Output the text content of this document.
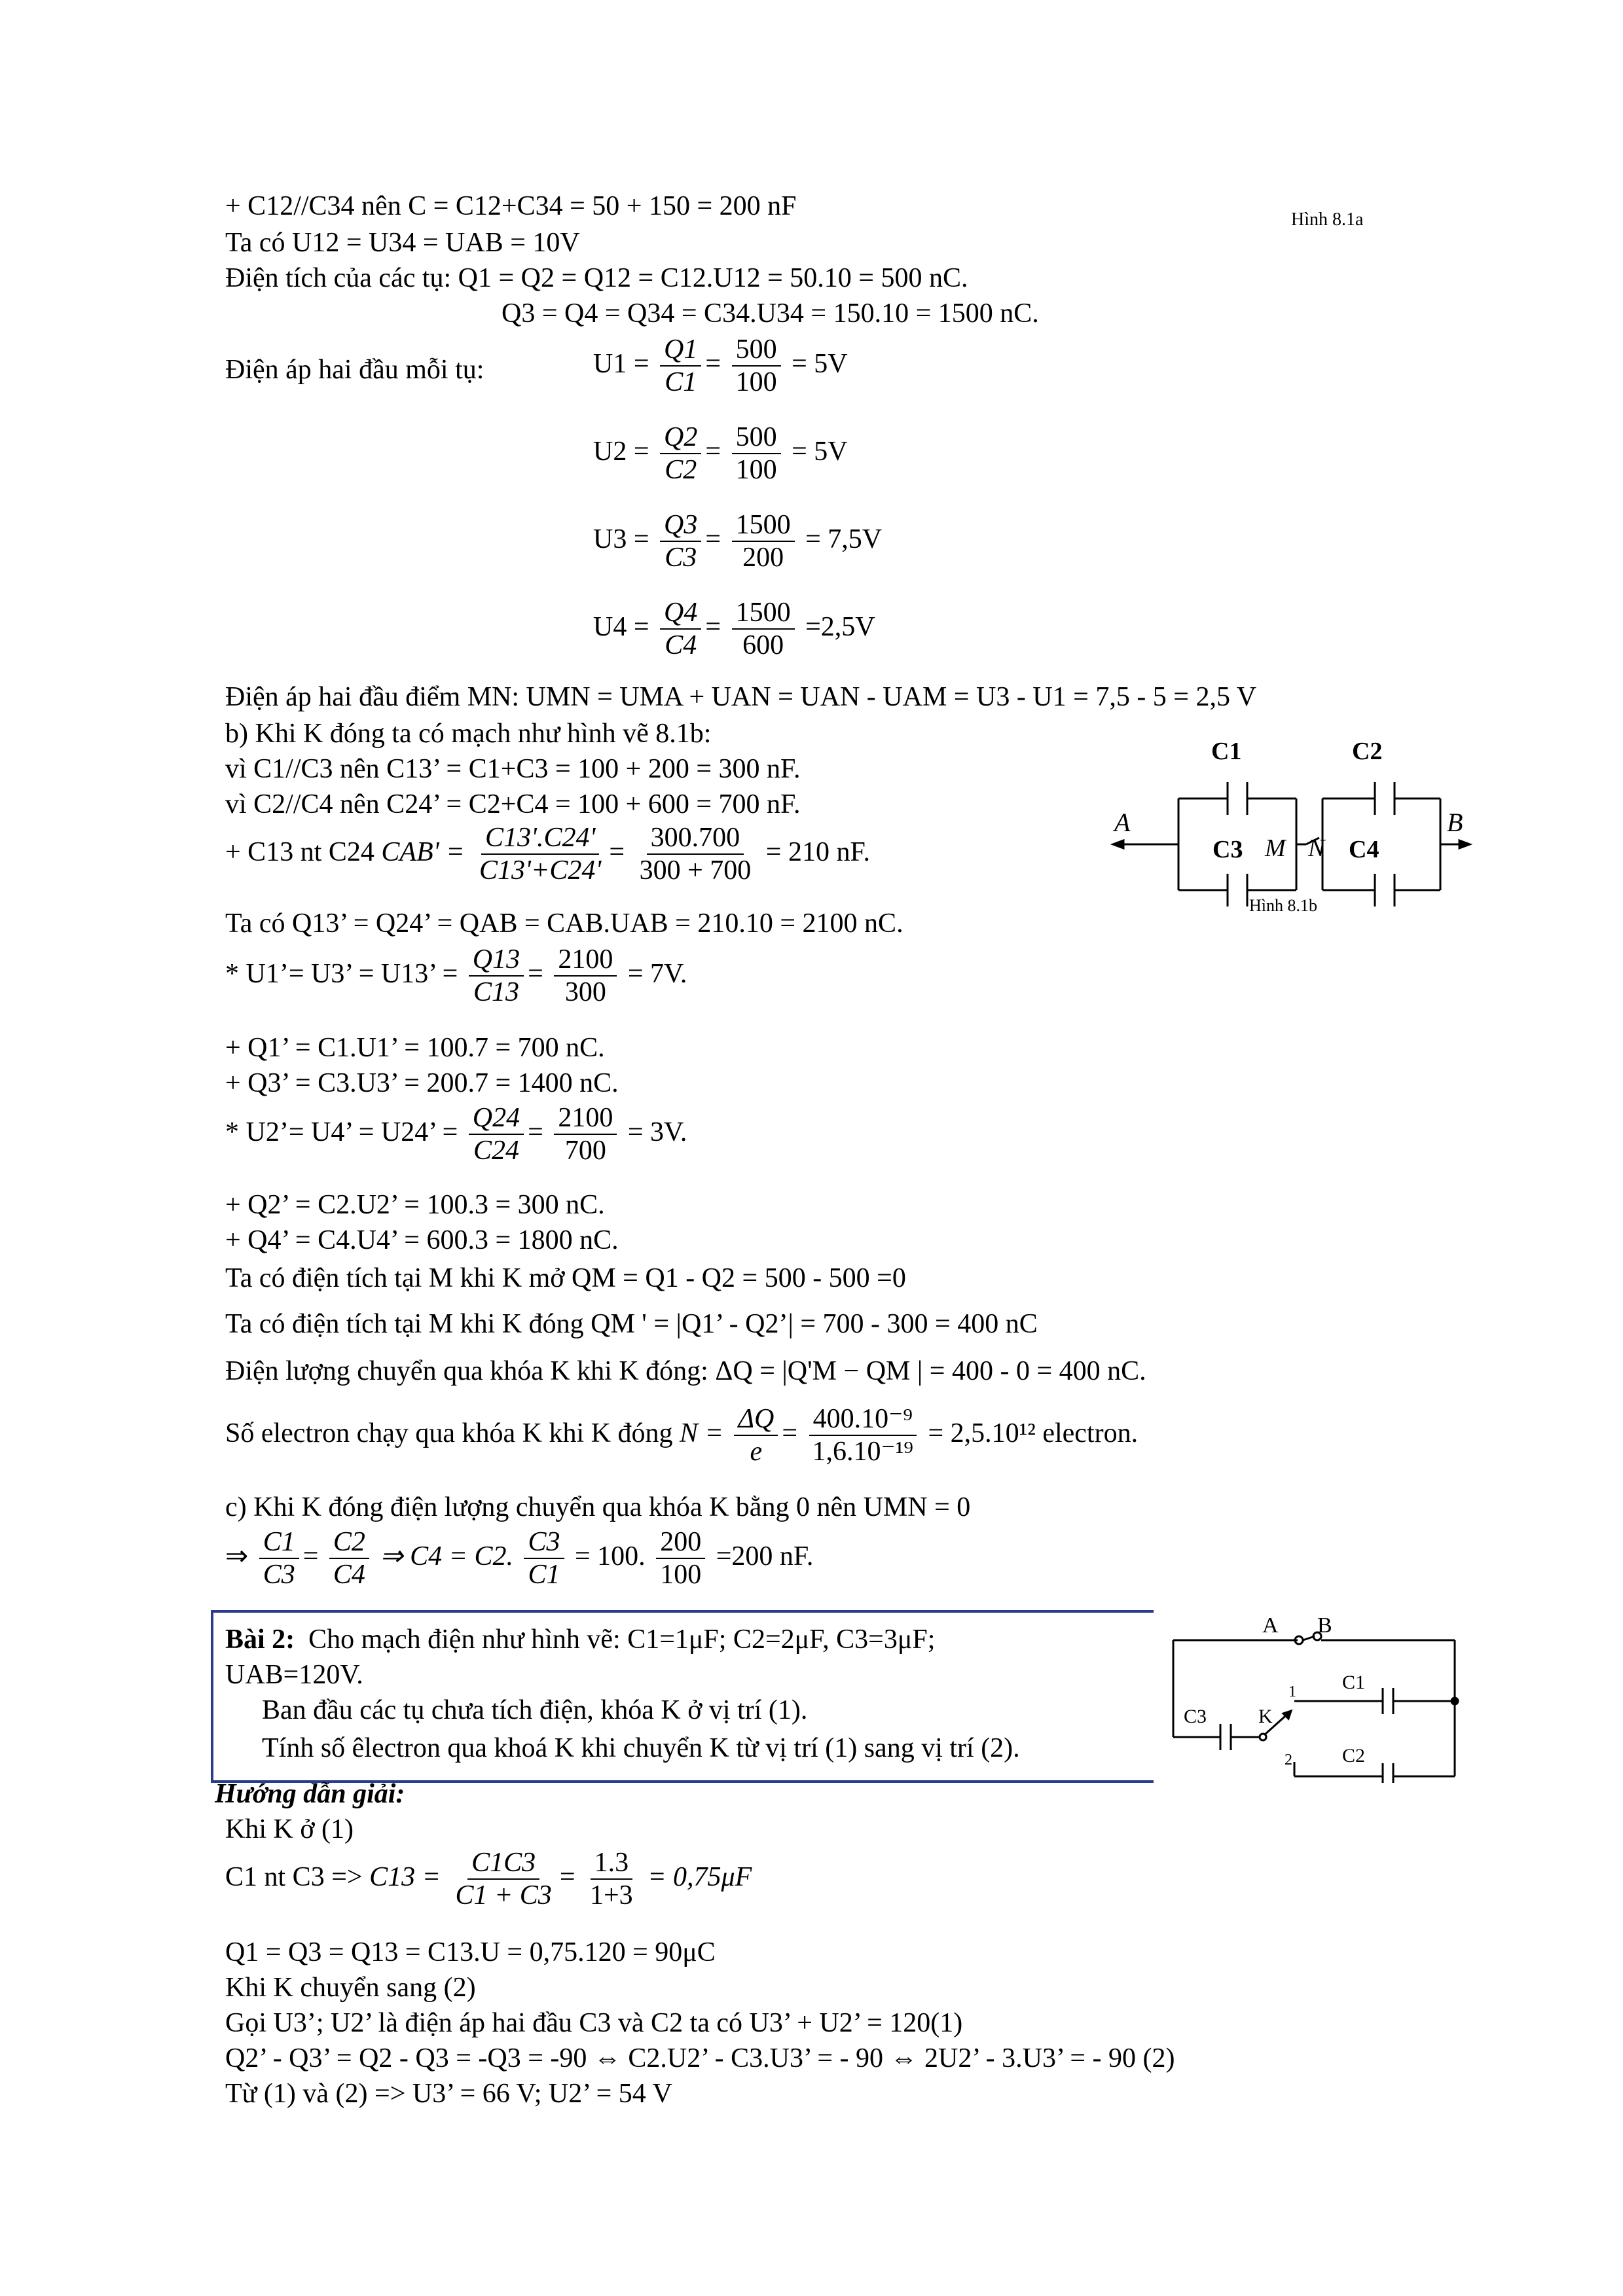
Hình 8.1a
+ C12//C34 nên C = C12+C34 = 50 + 150 = 200 nF
Ta có U12 = U34 = UAB = 10V
Điện tích của các tụ: Q1 = Q2 = Q12 = C12.U12 = 50.10 = 500 nC.
Q3 = Q4 = Q34 = C34.U34 = 150.10 = 1500 nC.
Điện áp hai đầu mỗi tụ:	$U1 = \frac{Q1}{C1} = \frac{500}{100} = 5V$
$U2 = \frac{Q2}{C2} = \frac{500}{100} = 5V$
$U3 = \frac{Q3}{C3} = \frac{1500}{200} = 7,5V$
$U4 = \frac{Q4}{C4} = \frac{1500}{600} =2,5V$
Điện áp hai đầu điểm MN: UMN = UMA + UAN = UAN - UAM = U3 - U1 = 7,5 - 5 = 2,5 V
b) Khi K đóng ta có mạch như hình vẽ 8.1b:
vì C1//C3 nên C13’ = C1+C3 = 100 + 200 = 300 nF.
vì C2//C4 nên C24’ = C2+C4 = 100 + 600 = 700 nF.
+ C13 nt C24 $CAB' = \frac{C13'.C24'}{C13'+C24'} = \frac{300.700}{300 + 700} = 210$ nF.
Ta có Q13’ = Q24’ = QAB = CAB.UAB = 210.10 = 2100 nC.
* U1’= U3’ = U13’ = $\frac{Q13}{C13} = \frac{2100}{300} = 7V$.
+ Q1’ = C1.U1’ = 100.7 = 700 nC.
+ Q3’ = C3.U3’ = 200.7 = 1400 nC.
* U2’= U4’ = U24’ = $\frac{Q24}{C24} = \frac{2100}{700} = 3V$.
+ Q2’ = C2.U2’ = 100.3 = 300 nC.
+ Q4’ = C4.U4’ = 600.3 = 1800 nC.
Ta có điện tích tại M khi K mở QM = Q1 - Q2 = 500 - 500 =0
Ta có điện tích tại M khi K đóng QM ' = |Q1’ - Q2’| = 700 - 300 = 400 nC
Điện lượng chuyển qua khóa K khi K đóng: ΔQ = |Q'M − QM | = 400 - 0 = 400 nC.
Số electron chạy qua khóa K khi K đóng $N = \frac{\Delta Q}{e} = \frac{\text{400.10⁻⁹}}{\text{1,6.10⁻¹⁹}} = 2,5.10^{12}$ electron.
c) Khi K đóng điện lượng chuyển qua khóa K bằng 0 nên UMN = 0
⇒ $\frac{C1}{C3} = \frac{C2}{C4}$ ⇒ C4 = C2. $\frac{C3}{C1} = 100$. $\frac{200}{100} =200$ nF.
C1	C2
C3	C4
A	B
M N
Hình 8.1b
Bài 2: Cho mạch điện như hình vẽ: C1=1μF; C2=2μF, C3=3μF;
UAB=120V.
Ban đầu các tụ chưa tích điện, khóa K ở vị trí (1).
Tính số êlectron qua khoá K khi chuyển K từ vị trí (1) sang vị trí (2).
A B
C1
C2
C3	K
1
2
Hướng dẫn giải:
Khi K ở (1)
C1 nt $C3 => C13 = \frac{C1C3}{C1 + C3} = \frac{1.3}{1+3} = 0,75\mu F$
Q1 = Q3 = Q13 = C13.U = 0,75.120 = 90μC
Khi K chuyển sang (2)
Gọi U3’; U2’ là điện áp hai đầu C3 và C2 ta có U3’ + U2’ = 120(1)
Q2’ - Q3’ = Q2 - Q3 = -Q3 = -90 ⇔ C2.U2’ - C3.U3’ = - 90 ⇔ 2U2’ - 3.U3’ = - 90 (2)
Từ (1) và (2) => U3’ = 66 V; U2’ = 54 V
